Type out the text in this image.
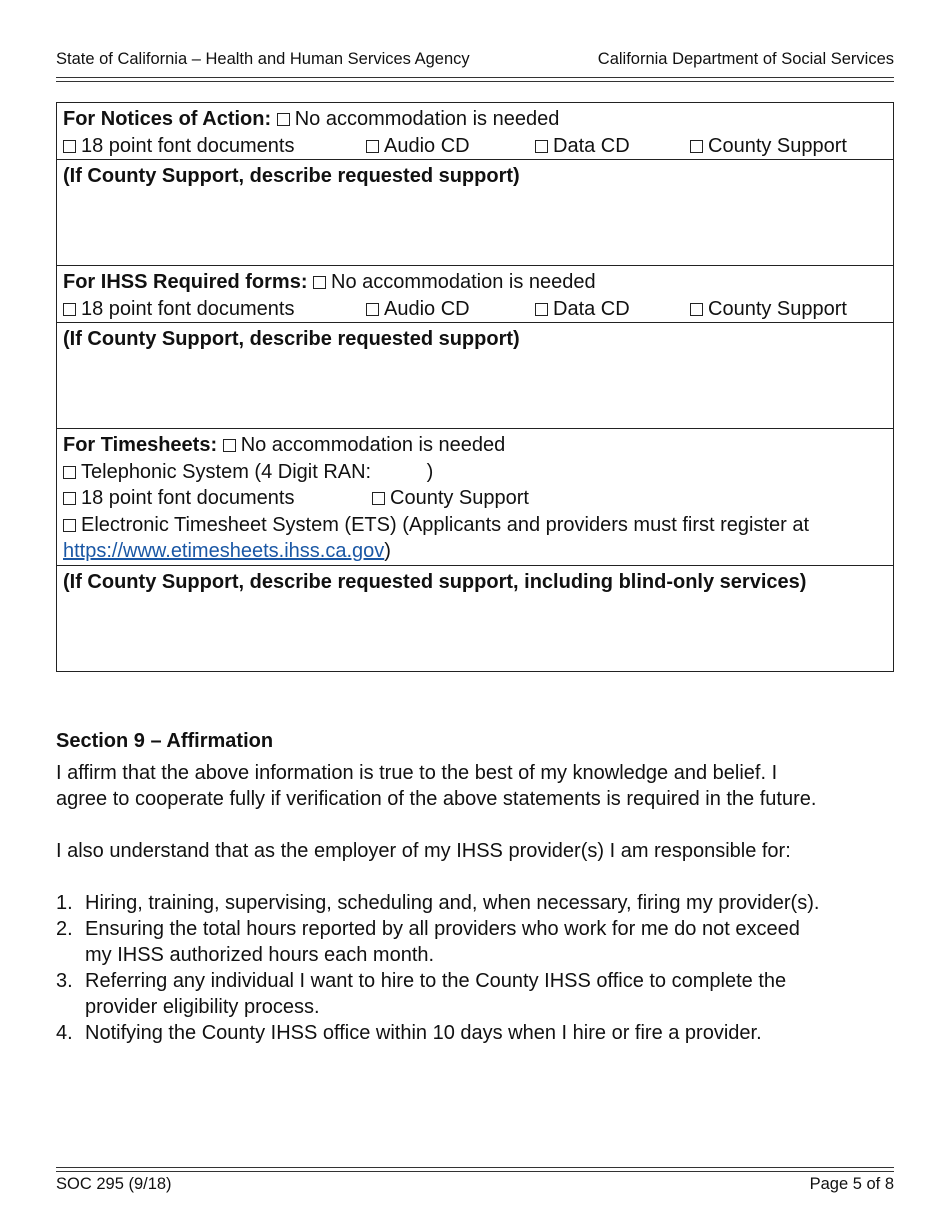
State of California – Health and Human Services Agency	California Department of Social Services
For Notices of Action: No accommodation is needed
18 point font documents	Audio CD	Data CD	County Support
(If County Support, describe requested support)
For IHSS Required forms: No accommodation is needed
18 point font documents	Audio CD	Data CD	County Support
(If County Support, describe requested support)
For Timesheets: No accommodation is needed
Telephonic System (4 Digit RAN:          )
18 point font documents	County Support
Electronic Timesheet System (ETS) (Applicants and providers must first register at
https://www.etimesheets.ihss.ca.gov)
(If County Support, describe requested support, including blind-only services)
Section 9 – Affirmation

I affirm that the above information is true to the best of my knowledge and belief. I

agree to cooperate fully if verification of the above statements is required in the future.

I also understand that as the employer of my IHSS provider(s) I am responsible for:

1. Hiring, training, supervising, scheduling and, when necessary, firing my provider(s).
2. Ensuring the total hours reported by all providers who work for me do not exceed
my IHSS authorized hours each month.
3. Referring any individual I want to hire to the County IHSS office to complete the
provider eligibility process.
4. Notifying the County IHSS office within 10 days when I hire or fire a provider.
SOC 295 (9/18)	Page 5 of 8
